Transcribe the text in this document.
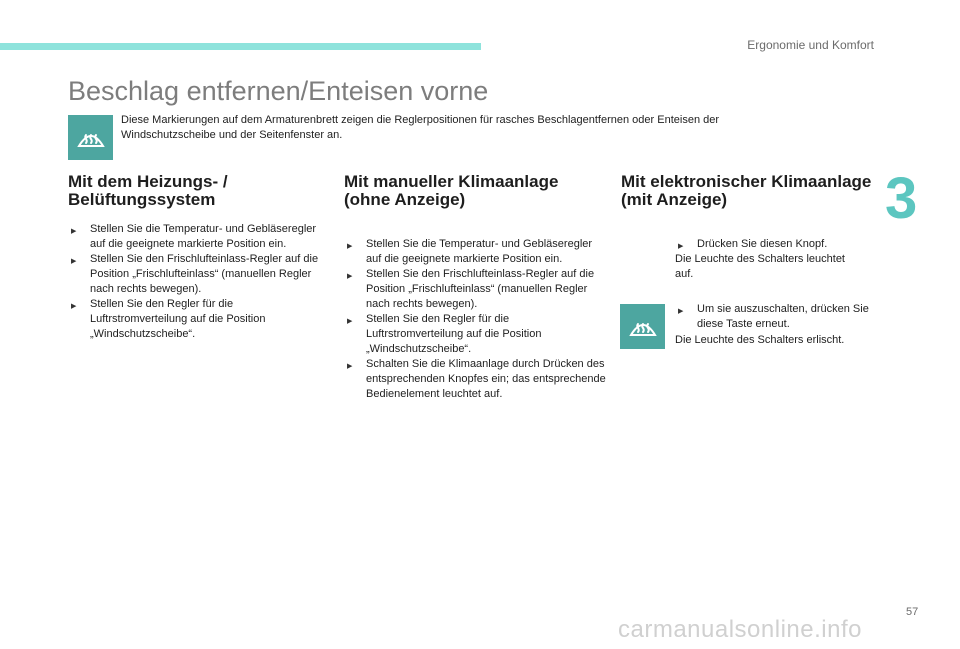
Ergonomie und Komfort
3
Beschlag entfernen/Enteisen vorne
Diese Markierungen auf dem Armaturenbrett zeigen die Reglerpositionen für rasches Beschlagentfernen oder Enteisen der Windschutzscheibe und der Seitenfenster an.
Mit dem Heizungs- / Belüftungssystem
▶ Stellen Sie die Temperatur- und Gebläseregler auf die geeignete markierte Position ein.
▶ Stellen Sie den Frischlufteinlass-Regler auf die Position „Frischlufteinlass“ (manuellen Regler nach rechts bewegen).
▶ Stellen Sie den Regler für die Luftrstromverteilung auf die Position „Windschutzscheibe“.
Mit manueller Klimaanlage (ohne Anzeige)
▶ Stellen Sie die Temperatur- und Gebläseregler auf die geeignete markierte Position ein.
▶ Stellen Sie den Frischlufteinlass-Regler auf die Position „Frischlufteinlass“ (manuellen Regler nach rechts bewegen).
▶ Stellen Sie den Regler für die Luftrstromverteilung auf die Position „Windschutzscheibe“.
▶ Schalten Sie die Klimaanlage durch Drücken des entsprechenden Knopfes ein; das entsprechende Bedienelement leuchtet auf.
Mit elektronischer Klimaanlage (mit Anzeige)
▶ Drücken Sie diesen Knopf.
Die Leuchte des Schalters leuchtet auf.
▶ Um sie auszuschalten, drücken Sie diese Taste erneut.
Die Leuchte des Schalters erlischt.
57
carmanualsonline.info
